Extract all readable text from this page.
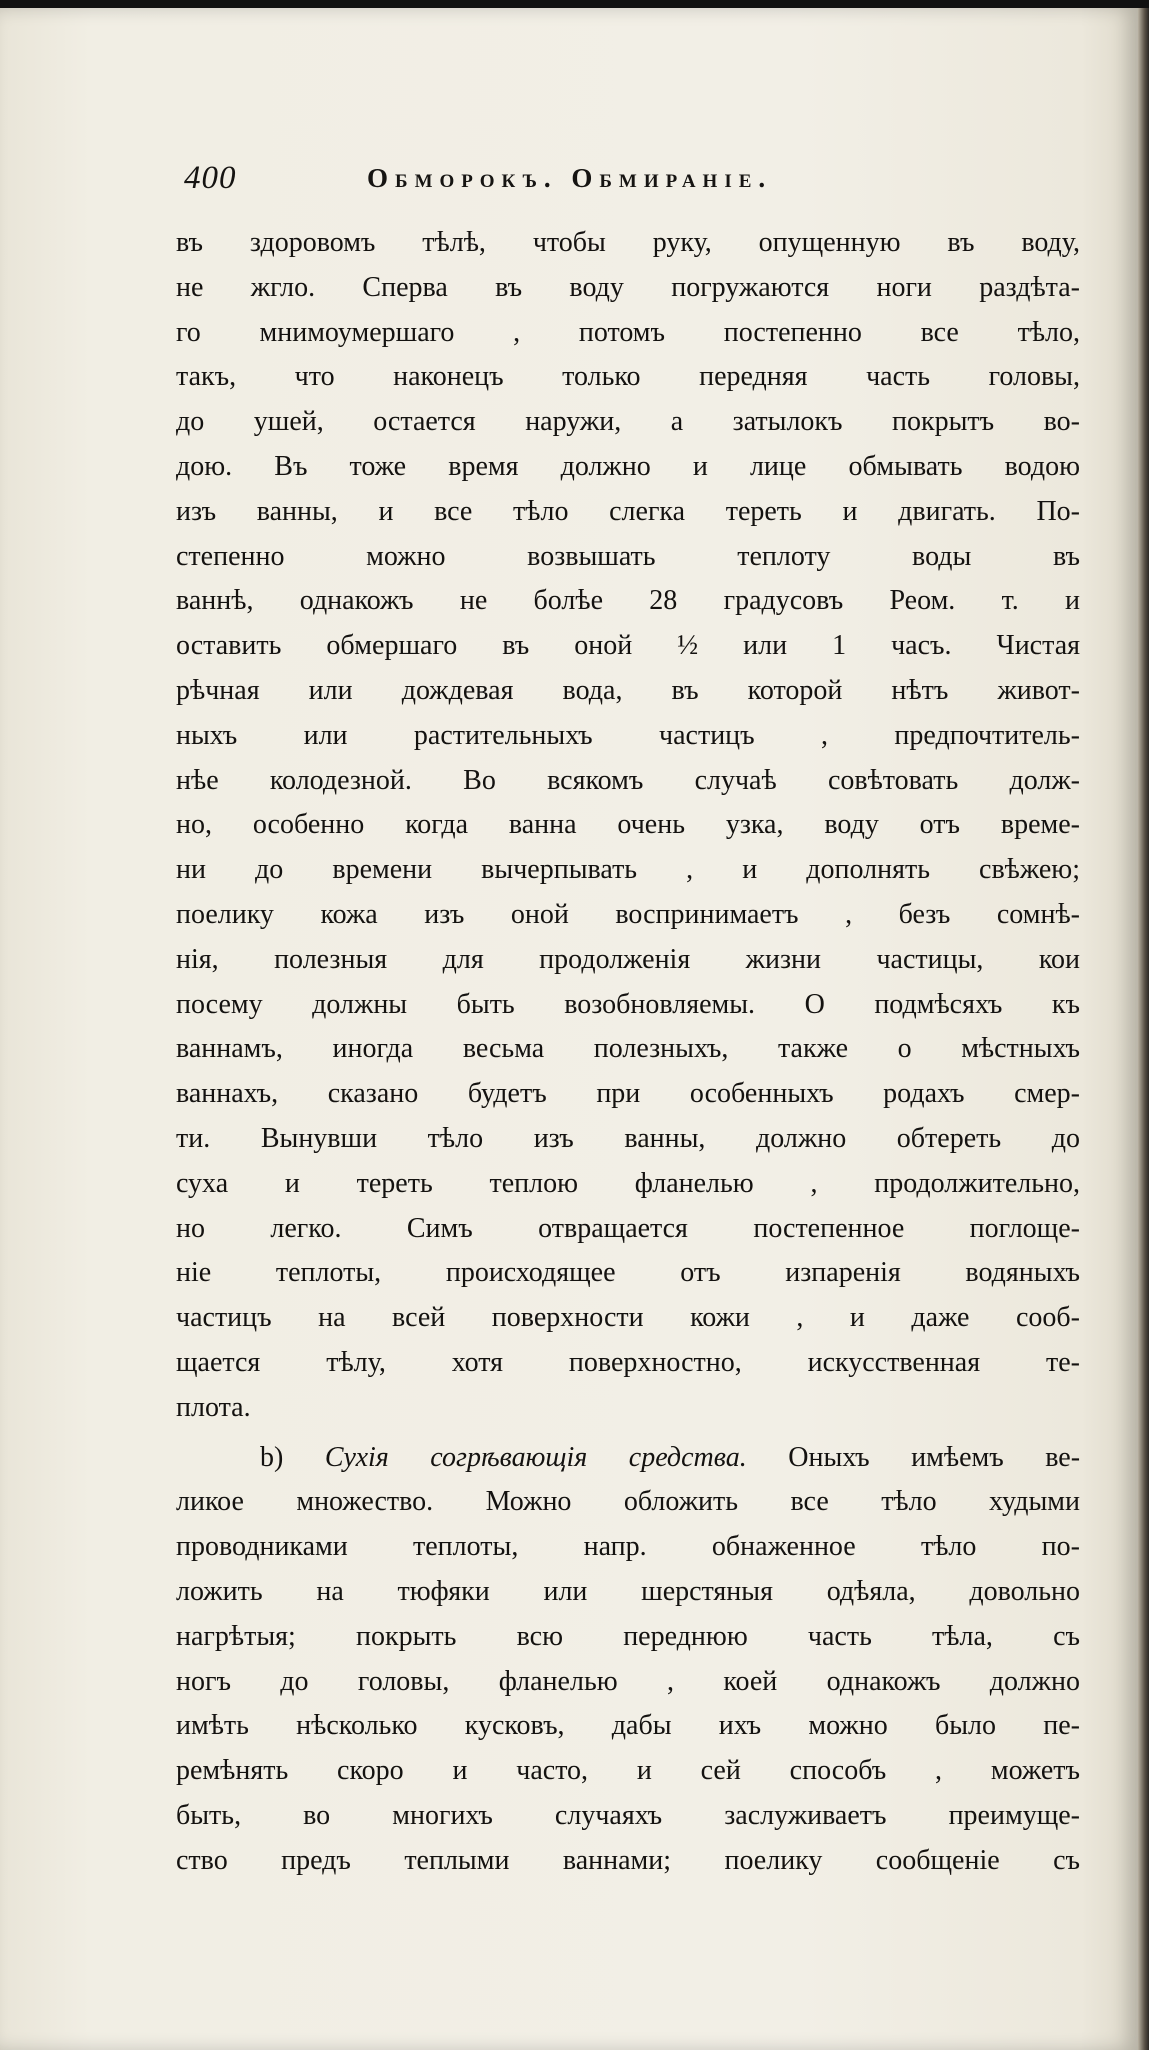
400	Обморокъ. Обмиранie.
въ здоровомъ тѣлѣ, чтобы руку, опущенную въ воду,
не жгло. Сперва въ воду погружаются ноги раздѣта-
го мнимоумершаго , потомъ постепенно все тѣло,
такъ, что наконецъ только передняя часть головы,
до ушей, остается наружи, а затылокъ покрытъ во-
дою. Въ тоже время должно и лице обмывать водою
изъ ванны, и все тѣло слегка тереть и двигать. По-
степенно можно возвышать теплоту воды въ
ваннѣ, однакожъ не болѣе 28 градусовъ Реом. т. и
оставить обмершаго въ оной ½ или 1 часъ. Чистая
рѣчная или дождевая вода, въ которой нѣтъ живот-
ныхъ или растительныхъ частицъ , предпочтитель-
нѣе колодезной. Во всякомъ случаѣ совѣтовать долж-
но, особенно когда ванна очень узка, воду отъ време-
ни до времени вычерпывать , и дополнять свѣжею;
поелику кожа изъ оной воспринимаетъ , безъ сомнѣ-
нiя, полезныя для продолженiя жизни частицы, кои
посему должны быть возобновляемы. О подмѣсяхъ къ
ваннамъ, иногда весьма полезныхъ, также о мѣстныхъ
ваннахъ, сказано будетъ при особенныхъ родахъ смер-
ти. Вынувши тѣло изъ ванны, должно обтереть до
суха и тереть теплою фланелью , продолжительно,
но легко. Симъ отвращается постепенное поглоще-
нiе теплоты, происходящее отъ изпаренiя водяныхъ
частицъ на всей поверхности кожи , и даже сооб-
щается тѣлу, хотя поверхностно, искусственная те-
плота.
b) Сухiя согрѣвающiя средства. Оныхъ имѣемъ ве-
ликое множество. Можно обложить все тѣло худыми
проводниками теплоты, напр. обнаженное тѣло по-
ложить на тюфяки или шерстяныя одѣяла, довольно
нагрѣтыя; покрыть всю переднюю часть тѣла, съ
ногъ до головы, фланелью , коей однакожъ должно
имѣть нѣсколько кусковъ, дабы ихъ можно было пе-
ремѣнять скоро и часто, и сей способъ , можетъ
быть, во многихъ случаяхъ заслуживаетъ преимуще-
ство предъ теплыми ваннами; поелику сообщенiе съ
